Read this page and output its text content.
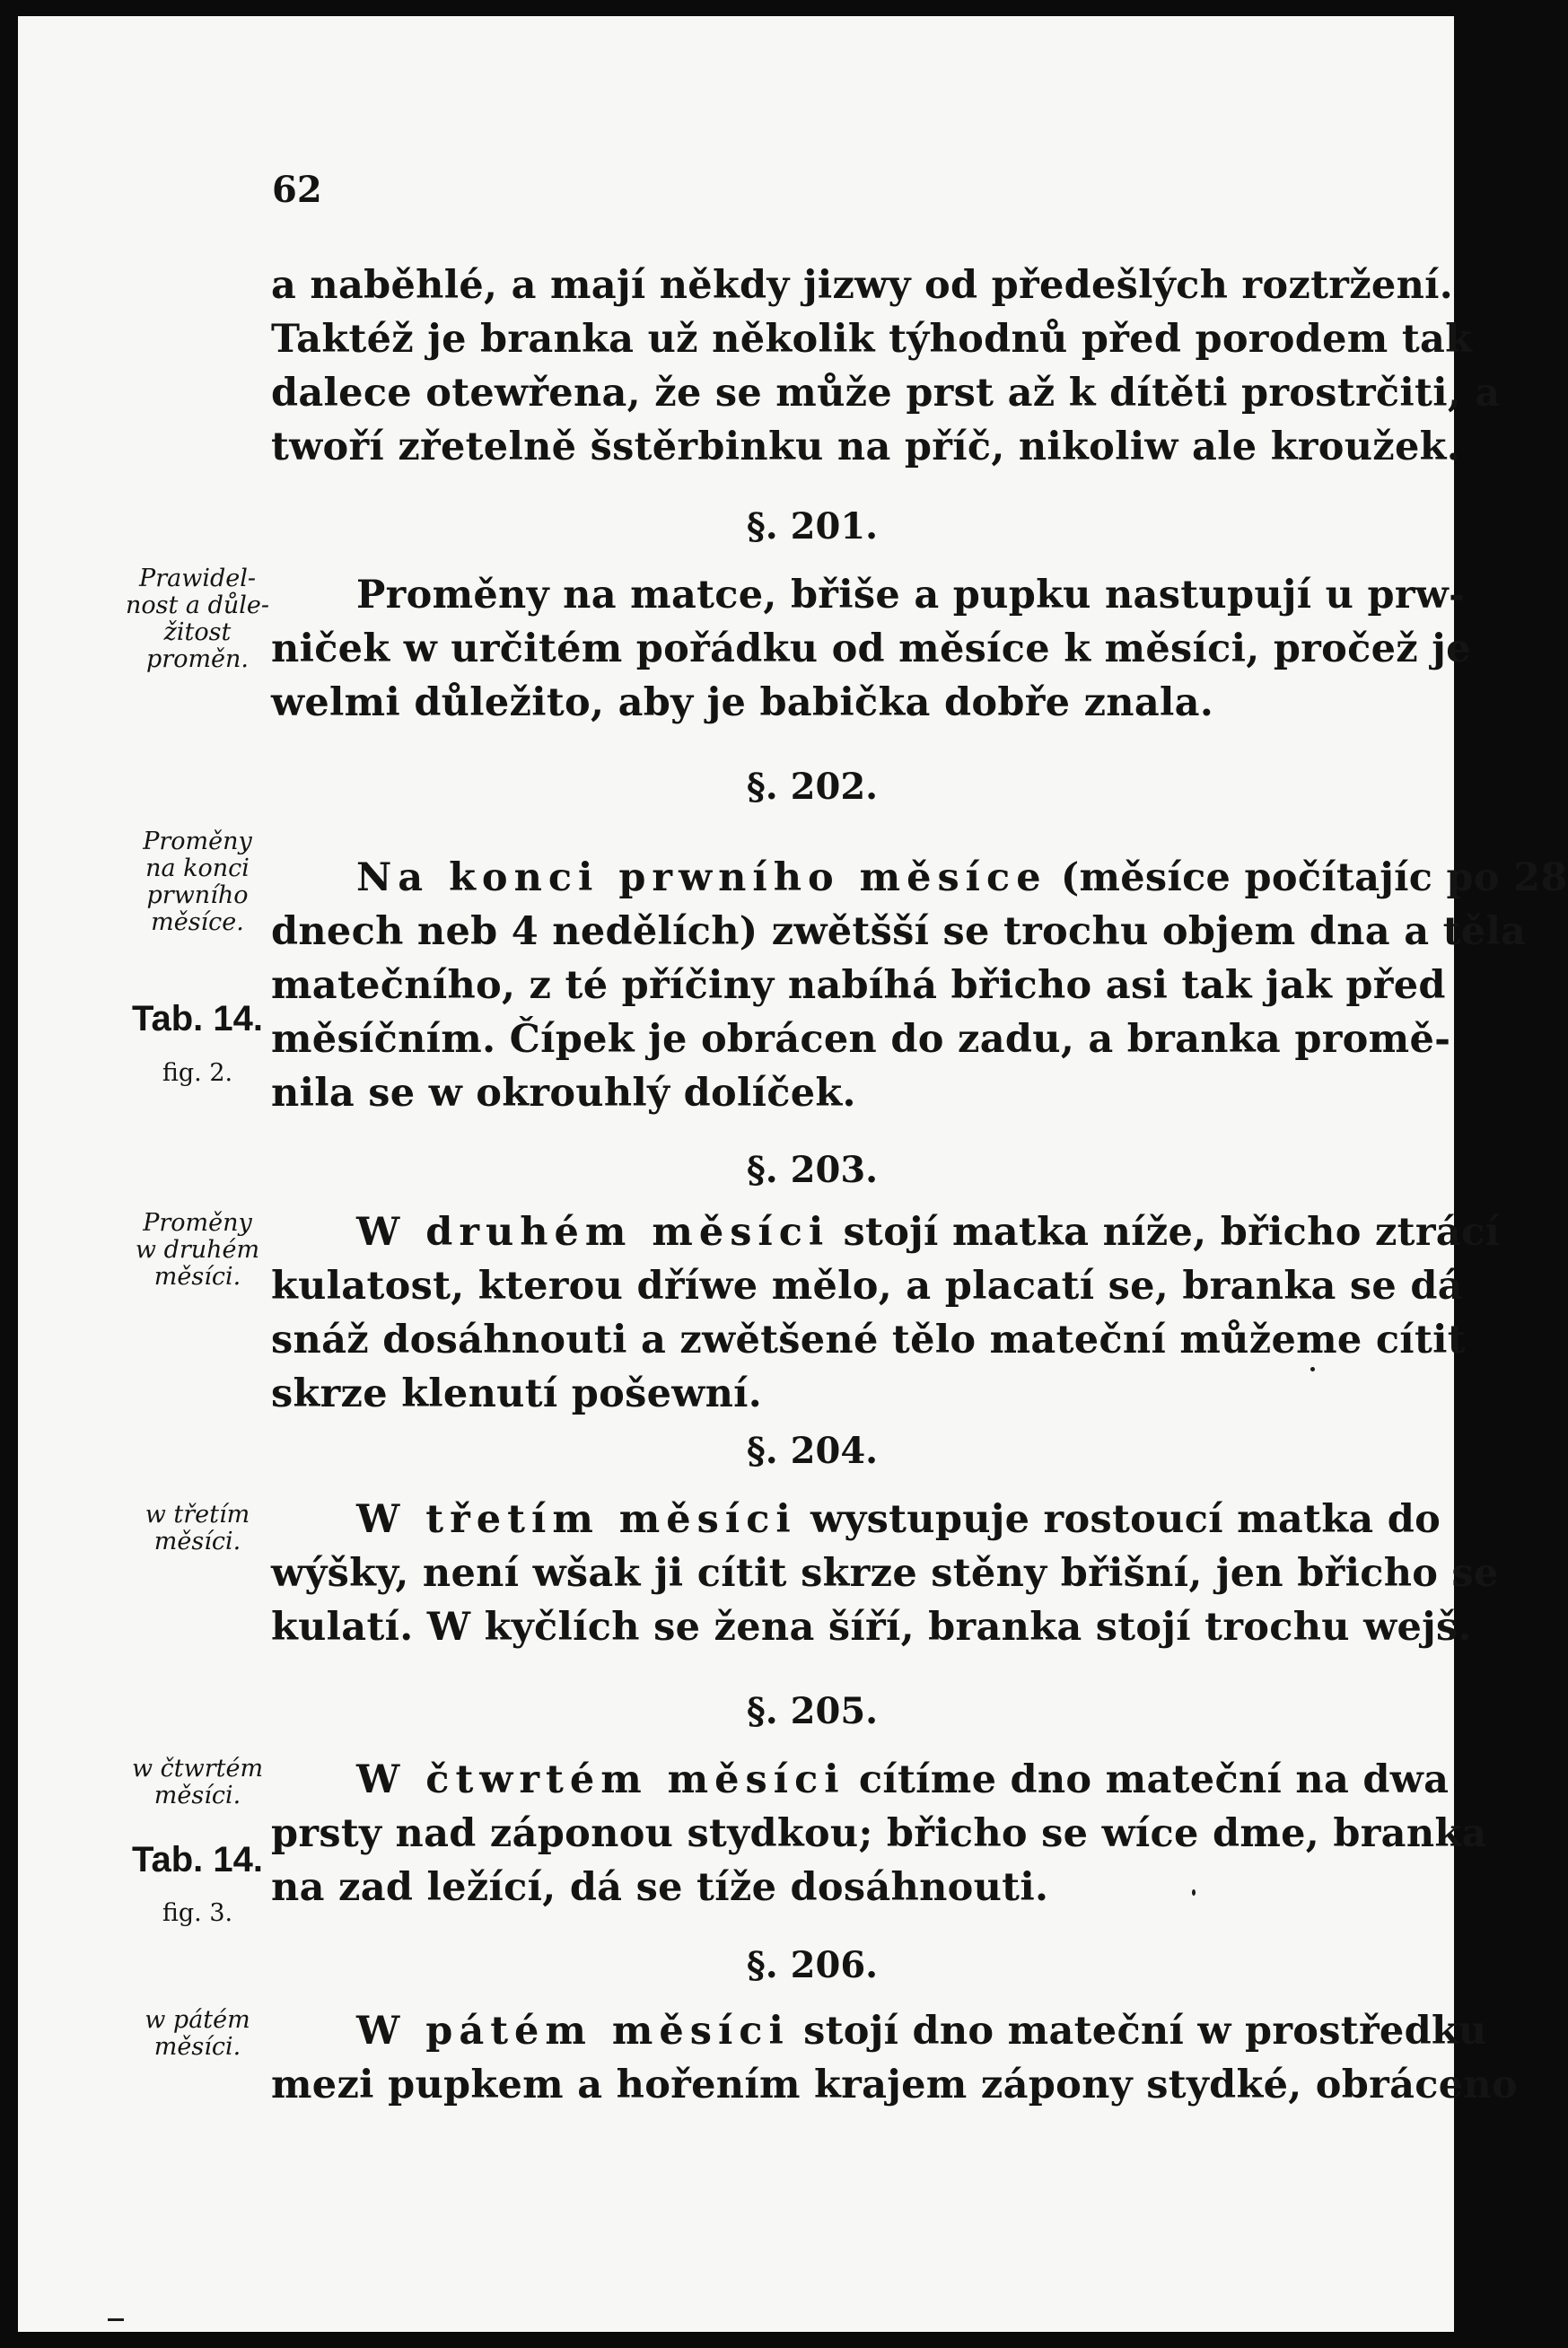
62
a naběhlé, a mají někdy jizwy od předešlých roztržení.
Taktéž je branka už několik týhodnů před porodem tak
dalece otewřena, že se může prst až k dítěti prostrčiti, a
twoří zřetelně šstěrbinku na příč, nikoliw ale kroužek.
§. 201.
Prawidel-
nost a důle-
žitost
proměn.
Proměny na matce, břiše a pupku nastupují u prw-
niček w určitém pořádku od měsíce k měsíci, pročež je
welmi důležito, aby je babička dobře znala.
§. 202.
Proměny
na konci
prwního
měsíce.
Tab. 14.
fig. 2.
Na konci prwního měsíce (měsíce počítajíc po 28
dnech neb 4 nedělích) zwětšší se trochu objem dna a těla
matečního, z té příčiny nabíhá břicho asi tak jak před
měsíčním. Čípek je obrácen do zadu, a branka promě-
nila se w okrouhlý dolíček.
§. 203.
Proměny
w druhém
měsíci.
W druhém měsíci stojí matka níže, břicho ztrácí
kulatost, kterou dříwe mělo, a placatí se, branka se dá
snáž dosáhnouti a zwětšené tělo mateční můžeme cítit
skrze klenutí pošewní.
§. 204.
w třetím
měsíci.	W třetím měsíci wystupuje rostoucí matka do
wýšky, není wšak ji cítit skrze stěny břišní, jen břicho se
kulatí. W kyčlích se žena šíří, branka stojí trochu wejš.
§. 205.
w čtwrtém
měsíci.
Tab. 14.
fig. 3.
W čtwrtém měsíci cítíme dno mateční na dwa
prsty nad záponou stydkou; břicho se wíce dme, branka
na zad ležící, dá se tíže dosáhnouti.
§. 206.
w pátém
měsíci.	W pátém měsíci stojí dno mateční w prostředku
mezi pupkem a hořením krajem zápony stydké, obráceno
